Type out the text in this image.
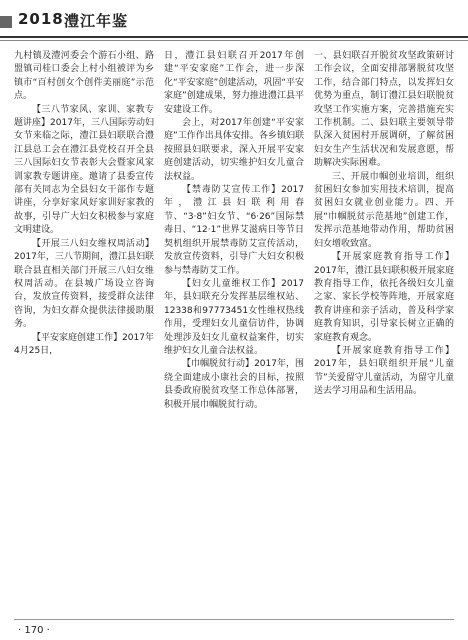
2018 澧江年鉴

九村镇及澧河委会个游石小组、路盟镇司桂口委会上村小组被评为乡镇市“百村创女个创件美丽庭”示范点。

【三八节家风、家训、家教专题讲座】2017年，三八国际劳动妇女节来临之际，澧江县妇联联合澧江县总工会在澧江县党校召开全县三八国际妇女节表彰大会暨家风家训家教专题讲座。邀请了县委宣传部有关同志为全县妇女干部作专题讲座，分享好家风好家训好家教的故事，引导广大妇女积极参与家庭文明建设。

【开展三八妇女维权周活动】2017年，三八节期间，澧江县妇联联合县直相关部门开展三八妇女维权周活动。在县城广场设立咨询台，发放宣传资料，接受群众法律咨询，为妇女群众提供法律援助服务。

【平安家庭创建工作】2017年4月25日，

日，澧江县妇联召开2017年创建“平安家庭”工作会，进一步深化“平安家庭”创建活动，巩固“平安家庭”创建成果，努力推进澧江县平安建设工作。

会上，对2017年创建“平安家庭”工作作出具体安排。各乡镇妇联按照县妇联要求，深入开展平安家庭创建活动，切实维护妇女儿童合法权益。

【禁毒防艾宣传工作】2017年，澧江县妇联利用春节、“3·8”妇女节、“6·26”国际禁毒日、“12·1”世界艾滋病日等节日契机组织开展禁毒防艾宣传活动，发放宣传资料，引导广大妇女积极参与禁毒防艾工作。

【妇女儿童维权工作】2017年，县妇联充分发挥基层维权站、12338和97773451女性维权热线作用，受理妇女儿童信访件，协调处理涉及妇女儿童权益案件，切实维护妇女儿童合法权益。

【巾帼脱贫行动】2017年，围绕全面建成小康社会的目标，按照县委政府脱贫攻坚工作总体部署，积极开展巾帼脱贫行动。

一、县妇联召开脱贫攻坚政策研讨工作会议，全面安排部署脱贫攻坚工作，结合部门特点，以发挥妇女优势为重点，制订澧江县妇联脱贫攻坚工作实施方案，完善措施充实工作机制。二、县妇联主要领导带队深入贫困村开展调研，了解贫困妇女生产生活状况和发展意愿，帮助解决实际困难。

三、开展巾帼创业培训，组织贫困妇女参加实用技术培训，提高贫困妇女就业创业能力。四、开展“巾帼脱贫示范基地”创建工作，发挥示范基地带动作用，帮助贫困妇女增收致富。

【开展家庭教育指导工作】2017年，澧江县妇联积极开展家庭教育指导工作，依托各级妇女儿童之家、家长学校等阵地，开展家庭教育讲座和亲子活动，普及科学家庭教育知识，引导家长树立正确的家庭教育观念。

【开展家庭教育指导工作】2017年，县妇联组织开展“儿童节”关爱留守儿童活动，为留守儿童送去学习用品和生活用品。

· 170 ·
